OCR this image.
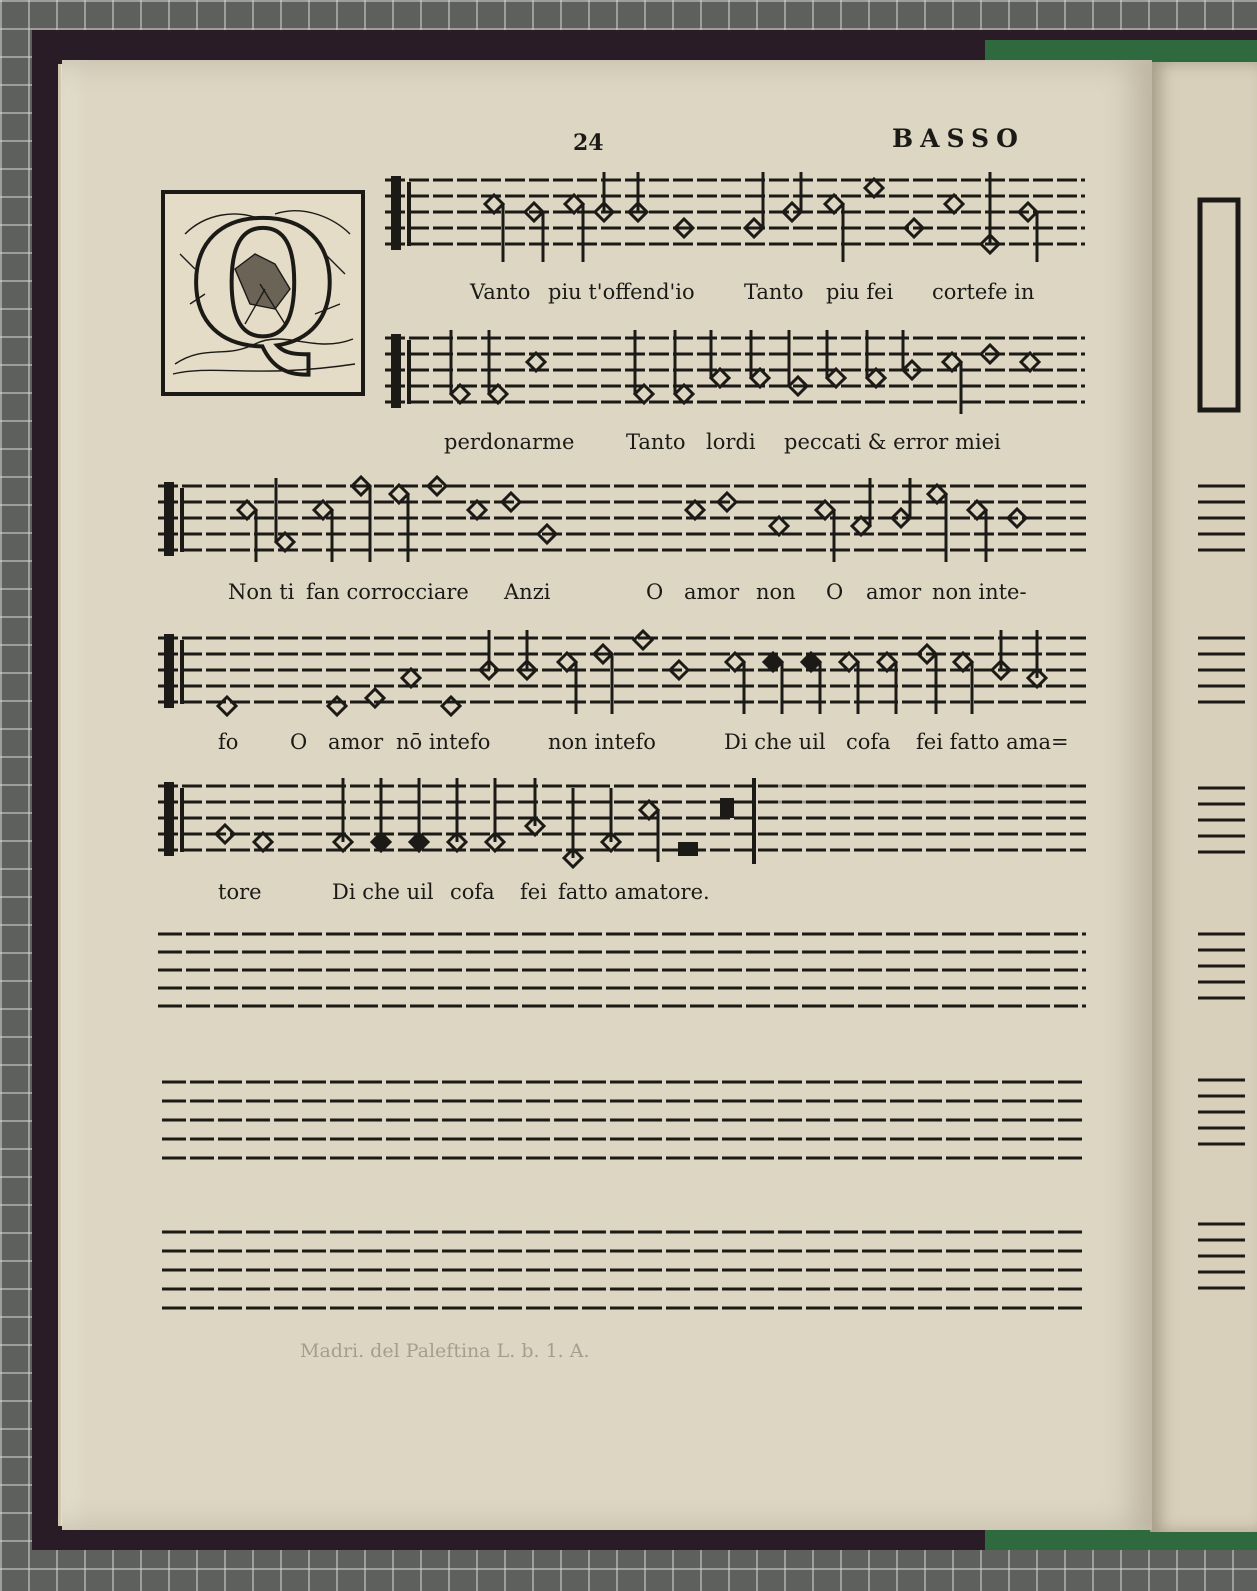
24	BASSO
Q	Vanto piu t'offend'io Tanto piu fei cortefe in
perdonarme Tanto lordi peccati & error miei
Non ti fan corrocciare Anzi	O amor non O amor non inte-
fo O amor nō intefo	non intefo	Di che uil cofa fei fatto ama=
tore	Di che uil cofa fei fatto amatore.
Madri. del Paleftina L. b. 1. A.
